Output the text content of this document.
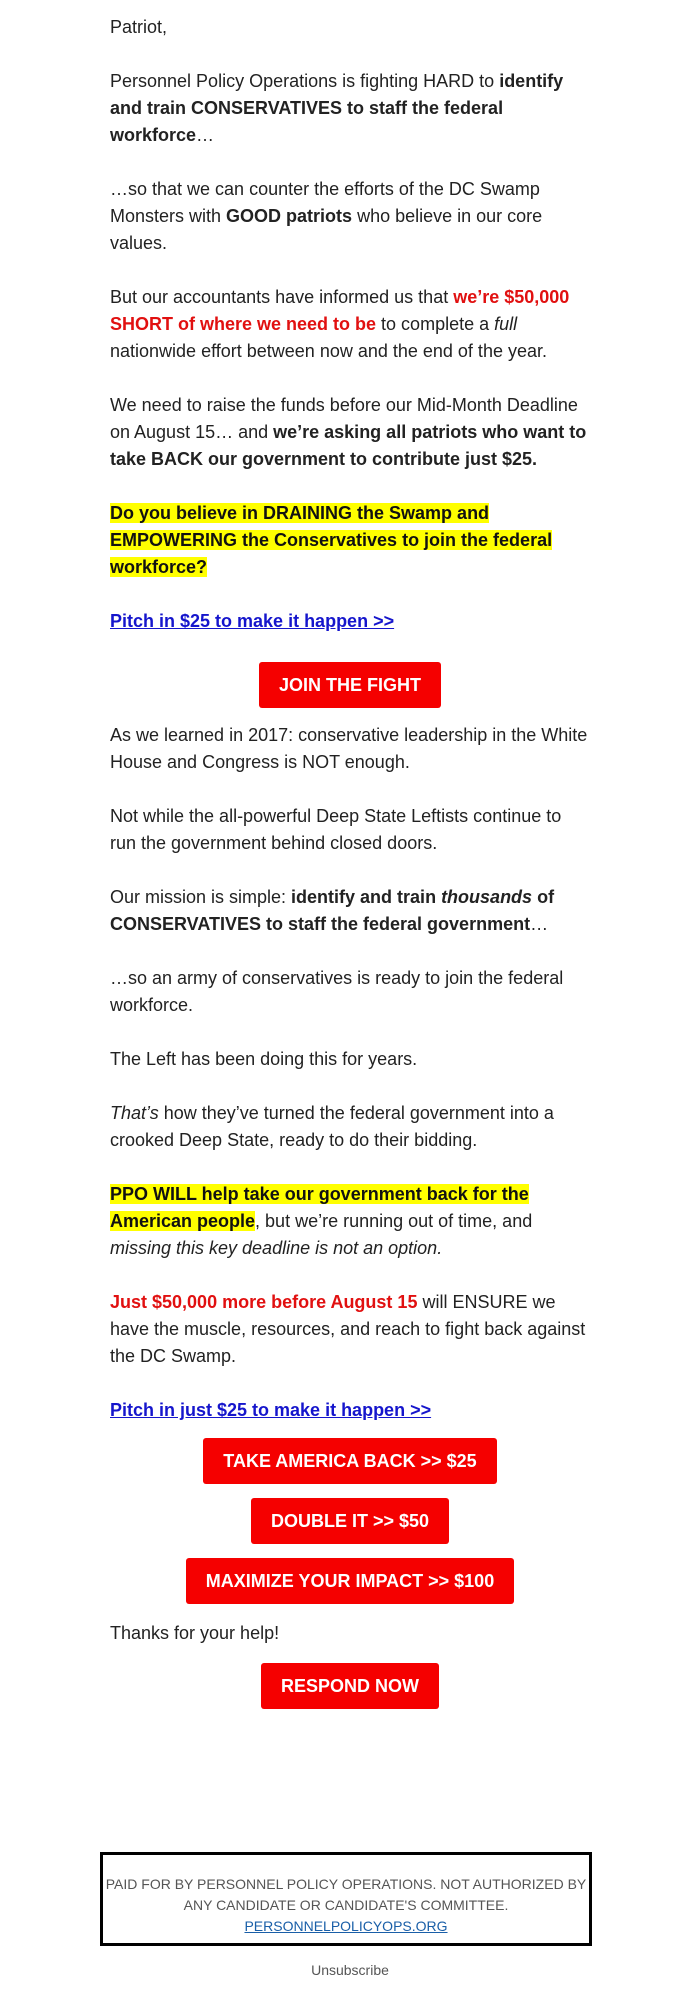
Patriot,

Personnel Policy Operations is fighting HARD to identify and train CONSERVATIVES to staff the federal workforce…

…so that we can counter the efforts of the DC Swamp Monsters with GOOD patriots who believe in our core values.

But our accountants have informed us that we’re $50,000 SHORT of where we need to be to complete a full nationwide effort between now and the end of the year.

We need to raise the funds before our Mid-Month Deadline on August 15… and we’re asking all patriots who want to take BACK our government to contribute just $25.

Do you believe in DRAINING the Swamp and EMPOWERING the Conservatives to join the federal workforce?

Pitch in $25 to make it happen >>

JOIN THE FIGHT

As we learned in 2017: conservative leadership in the White House and Congress is NOT enough.

Not while the all-powerful Deep State Leftists continue to run the government behind closed doors.

Our mission is simple: identify and train thousands of CONSERVATIVES to staff the federal government…

…so an army of conservatives is ready to join the federal workforce.

The Left has been doing this for years.

That’s how they’ve turned the federal government into a crooked Deep State, ready to do their bidding.

PPO WILL help take our government back for the American people, but we’re running out of time, and missing this key deadline is not an option.

Just $50,000 more before August 15 will ENSURE we have the muscle, resources, and reach to fight back against the DC Swamp.

Pitch in just $25 to make it happen >>

TAKE AMERICA BACK >> $25
DOUBLE IT >> $50
MAXIMIZE YOUR IMPACT >> $100

Thanks for your help!

RESPOND NOW
PAID FOR BY PERSONNEL POLICY OPERATIONS. NOT AUTHORIZED BY ANY CANDIDATE OR CANDIDATE'S COMMITTEE.
PERSONNELPOLICYOPS.ORG
Unsubscribe
